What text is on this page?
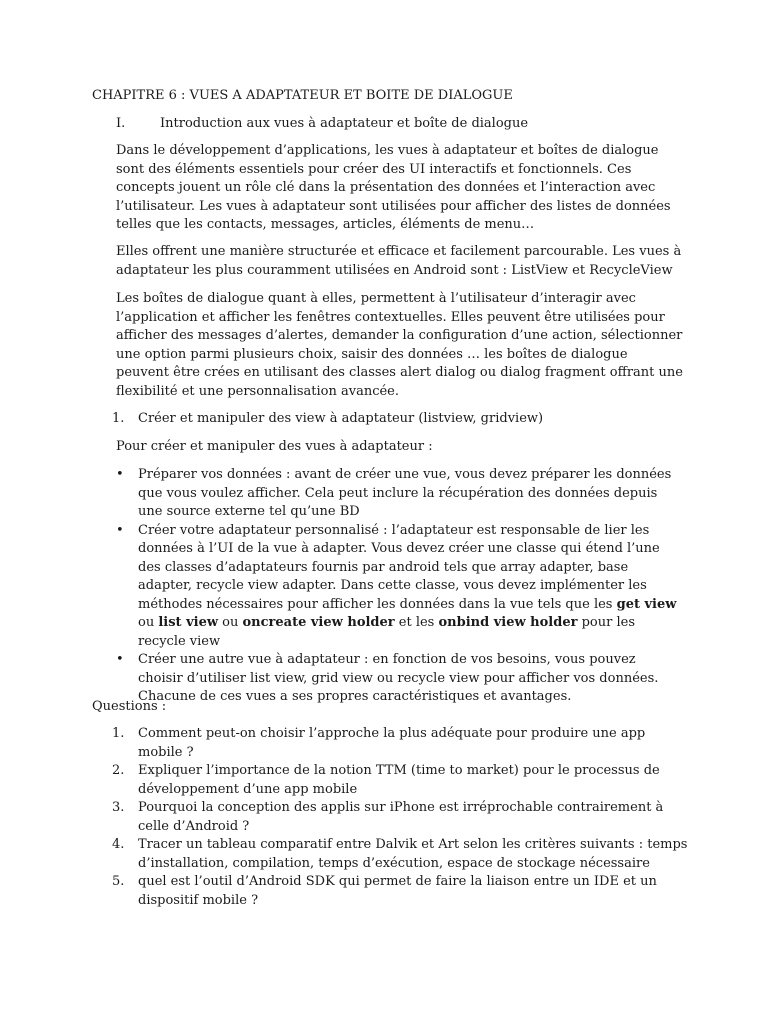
CHAPITRE 6 : VUES A ADAPTATEUR ET BOITE DE DIALOGUE
I.	Introduction aux vues à adaptateur et boîte de dialogue

Dans le développement d’applications, les vues à adaptateur et boîtes de dialogue sont des éléments essentiels pour créer des UI interactifs et fonctionnels. Ces concepts jouent un rôle clé dans la présentation des données et l’interaction avec l’utilisateur. Les vues à adaptateur sont utilisées pour afficher des listes de données telles que les contacts, messages, articles, éléments de menu…

Elles offrent une manière structurée et efficace et facilement parcourable. Les vues à adaptateur les plus couramment utilisées en Android sont : ListView et RecycleView

Les boîtes de dialogue quant à elles, permettent à l’utilisateur d’interagir avec l’application et afficher les fenêtres contextuelles. Elles peuvent être utilisées pour afficher des messages d’alertes, demander la configuration d’une action, sélectionner une option parmi plusieurs choix, saisir des données … les boîtes de dialogue peuvent être crées en utilisant des classes alert dialog ou dialog fragment offrant une flexibilité et une personnalisation avancée.

1. Créer et manipuler des view à adaptateur (listview, gridview)

Pour créer et manipuler des vues à adaptateur :

• Préparer vos données : avant de créer une vue, vous devez préparer les données que vous voulez afficher. Cela peut inclure la récupération des données depuis une source externe tel qu’une BD
• Créer votre adaptateur personnalisé : l’adaptateur est responsable de lier les données à l’UI de la vue à adapter. Vous devez créer une classe qui étend l’une des classes d’adaptateurs fournis par android tels que array adapter, base adapter, recycle view adapter. Dans cette classe, vous devez implémenter les méthodes nécessaires pour afficher les données dans la vue tels que les get view ou list view ou oncreate view holder et les onbind view holder pour les recycle view
• Créer une autre vue à adaptateur : en fonction de vos besoins, vous pouvez choisir d’utiliser list view, grid view ou recycle view pour afficher vos données. Chacune de ces vues a ses propres caractéristiques et avantages.
Questions :
1. Comment peut-on choisir l’approche la plus adéquate pour produire une app mobile ?
2. Expliquer l’importance de la notion TTM (time to market) pour le processus de développement d’une app mobile
3. Pourquoi la conception des applis sur iPhone est irréprochable contrairement à celle d’Android ?
4. Tracer un tableau comparatif entre Dalvik et Art selon les critères suivants : temps d’installation, compilation, temps d’exécution, espace de stockage nécessaire
5. quel est l’outil d’Android SDK qui permet de faire la liaison entre un IDE et un dispositif mobile ?
